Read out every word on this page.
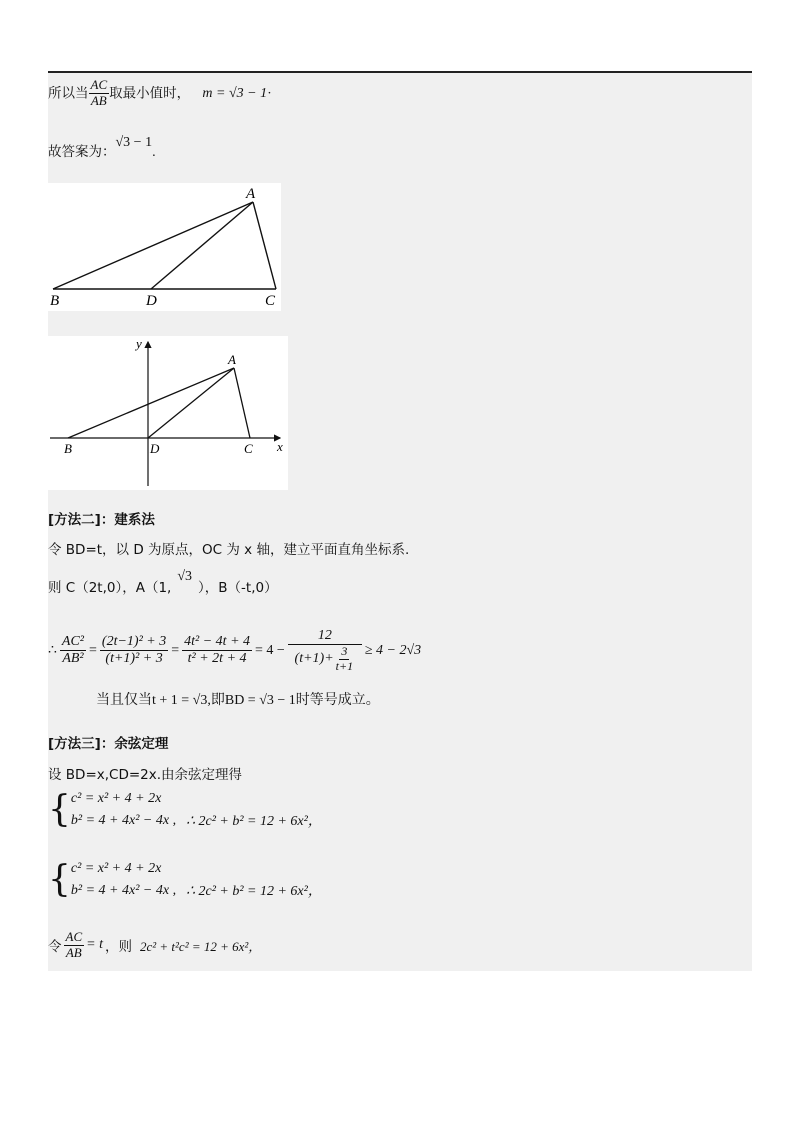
所以当 $\frac{AC}{AB}$ 取最小值时， m = √3 − 1·
故答案为：√3 − 1.
A
B	D	C
A
B	D	C x
y
[方法二]：建系法
令 BD=t，以 D 为原点，OC 为 x 轴，建立平面直角坐标系.
则 C（2t,0），A（1,√3），B（-t,0）
∴ $\frac{\text{AC²}}{\text{AB²}} = \frac{\text{(2t−1)² + 3}}{\text{(t+1)² + 3}} = \frac{\text{4t² − 4t + 4}}{\text{t² + 2t + 4}} = 4 - \frac{12}{(t+1)+ \frac{3}{t+1}} \ge 4 - 2√3$
当且仅当t + 1 = √3,即BD = √3 − 1时等号成立。
[方法三]：余弦定理
设 BD=x,CD=2x.由余弦定理得
{ c² = x² + 4 + 2x
b² = 4 + 4x² − 4x , ∴ 2c² + b² = 12 + 6x²，
{ c² = x² + 4 + 2x
b² = 4 + 4x² − 4x , ∴ 2c² + b² = 12 + 6x²，
令 $\frac{AC}{AB} = t$ ，则 2c² + t²c² = 12 + 6x²，
